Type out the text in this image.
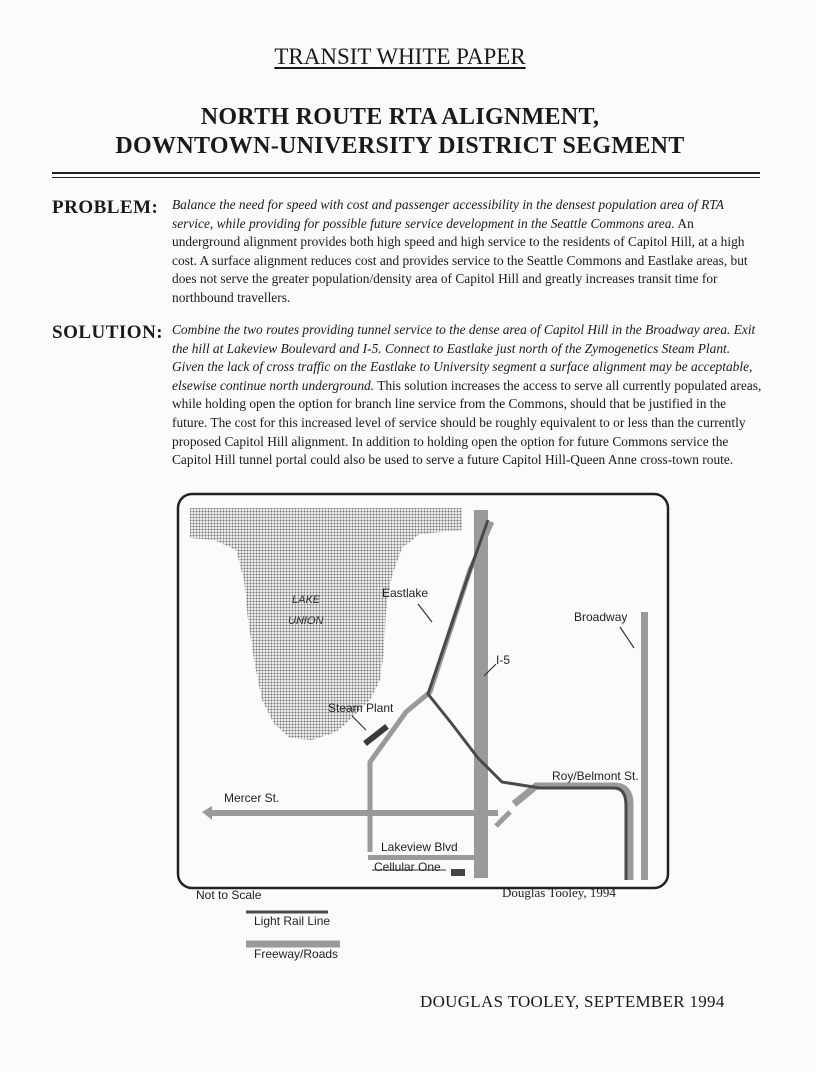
TRANSIT WHITE PAPER
NORTH ROUTE RTA ALIGNMENT,
DOWNTOWN-UNIVERSITY DISTRICT SEGMENT
PROBLEM: Balance the need for speed with cost and passenger accessibility in the densest population area of RTA service, while providing for possible future service development in the Seattle Commons area. An underground alignment provides both high speed and high service to the residents of Capitol Hill, at a high cost. A surface alignment reduces cost and provides service to the Seattle Commons and Eastlake areas, but does not serve the greater population/density area of Capitol Hill and greatly increases transit time for northbound travellers.

SOLUTION: Combine the two routes providing tunnel service to the dense area of Capitol Hill in the Broadway area. Exit the hill at Lakeview Boulevard and I-5. Connect to Eastlake just north of the Zymogenetics Steam Plant. Given the lack of cross traffic on the Eastlake to University segment a surface alignment may be acceptable, elsewise continue north underground. This solution increases the access to serve all currently populated areas, while holding open the option for branch line service from the Commons, should that be justified in the future. The cost for this increased level of service should be roughly equivalent to or less than the currently proposed Capitol Hill alignment. In addition to holding open the option for future Commons service the Capitol Hill tunnel portal could also be used to serve a future Capitol Hill-Queen Anne cross-town route.

LAKE
UNION
Eastlake
Broadway
I-5
Steam Plant
Roy/Belmont St.
Mercer St.
Lakeview Blvd
Cellular One
Douglas Tooley, 1994
Not to Scale
Light Rail Line
Freeway/Roads
DOUGLAS TOOLEY, SEPTEMBER 1994
